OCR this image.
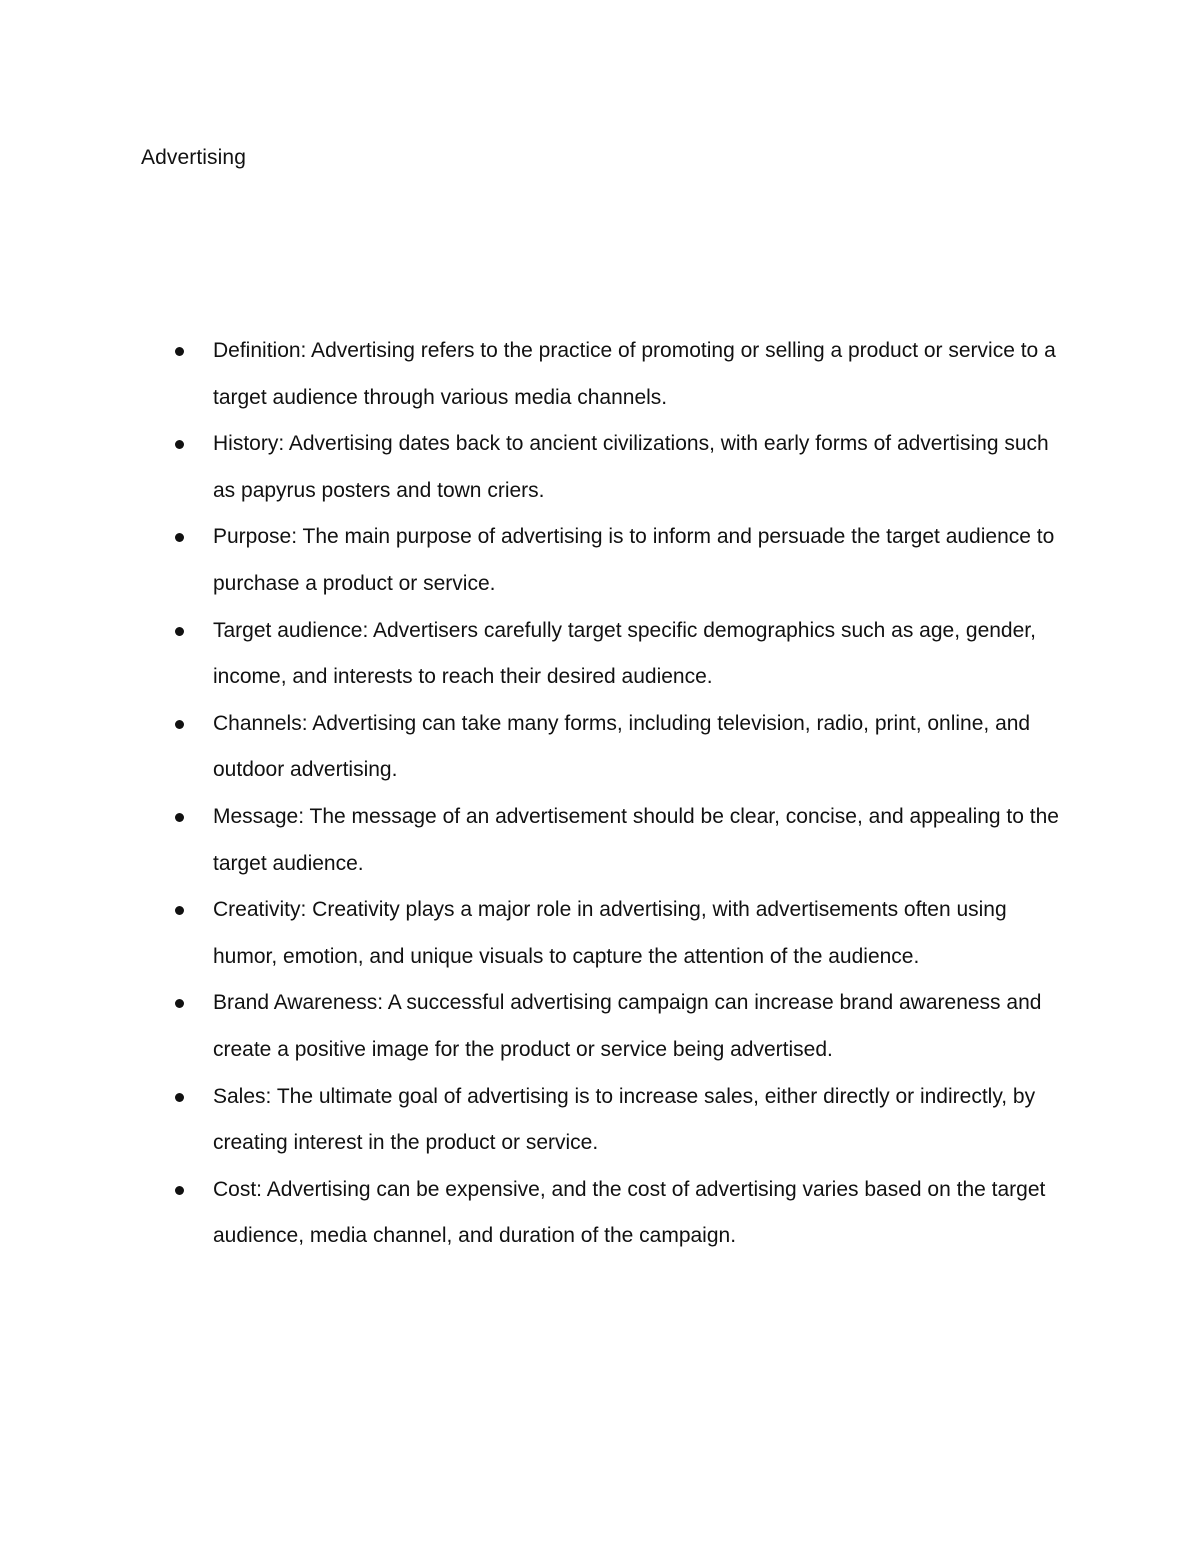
Advertising
Definition: Advertising refers to the practice of promoting or selling a product or service to a target audience through various media channels.
History: Advertising dates back to ancient civilizations, with early forms of advertising such as papyrus posters and town criers.
Purpose: The main purpose of advertising is to inform and persuade the target audience to purchase a product or service.
Target audience: Advertisers carefully target specific demographics such as age, gender, income, and interests to reach their desired audience.
Channels: Advertising can take many forms, including television, radio, print, online, and outdoor advertising.
Message: The message of an advertisement should be clear, concise, and appealing to the target audience.
Creativity: Creativity plays a major role in advertising, with advertisements often using humor, emotion, and unique visuals to capture the attention of the audience.
Brand Awareness: A successful advertising campaign can increase brand awareness and create a positive image for the product or service being advertised.
Sales: The ultimate goal of advertising is to increase sales, either directly or indirectly, by creating interest in the product or service.
Cost: Advertising can be expensive, and the cost of advertising varies based on the target audience, media channel, and duration of the campaign.
